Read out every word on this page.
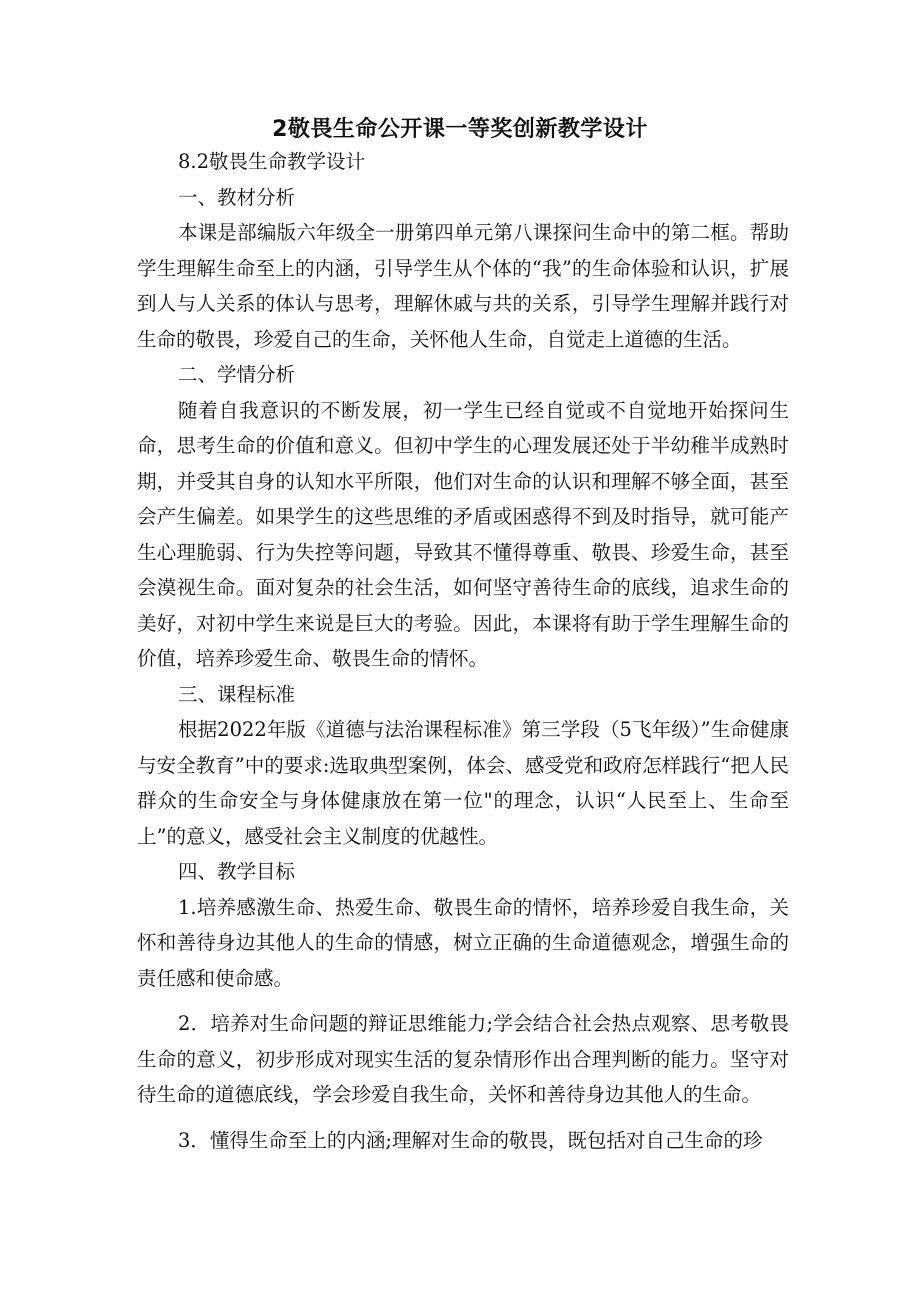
2敬畏生命公开课一等奖创新教学设计

8.2敬畏生命教学设计

一、教材分析

本课是部编版六年级全一册第四单元第八课探问生命中的第二框。帮助学生理解生命至上的内涵，引导学生从个体的“我”的生命体验和认识，扩展到人与人关系的体认与思考，理解休戚与共的关系，引导学生理解并践行对生命的敬畏，珍爱自己的生命，关怀他人生命，自觉走上道德的生活。

二、学情分析

随着自我意识的不断发展，初一学生已经自觉或不自觉地开始探问生命，思考生命的价值和意义。但初中学生的心理发展还处于半幼稚半成熟时期，并受其自身的认知水平所限，他们对生命的认识和理解不够全面，甚至会产生偏差。如果学生的这些思维的矛盾或困惑得不到及时指导，就可能产生心理脆弱、行为失控等问题，导致其不懂得尊重、敬畏、珍爱生命，甚至会漠视生命。面对复杂的社会生活，如何坚守善待生命的底线，追求生命的美好，对初中学生来说是巨大的考验。因此，本课将有助于学生理解生命的价值，培养珍爱生命、敬畏生命的情怀。

三、课程标准

根据2022年版《道德与法治课程标准》第三学段（5飞年级）”生命健康与安全教育”中的要求:选取典型案例，体会、感受党和政府怎样践行“把人民群众的生命安全与身体健康放在第一位"的理念，认识“人民至上、生命至上”的意义，感受社会主义制度的优越性。

四、教学目标

1.培养感激生命、热爱生命、敬畏生命的情怀，培养珍爱自我生命，关怀和善待身边其他人的生命的情感，树立正确的生命道德观念，增强生命的责任感和使命感。

2．培养对生命问题的辩证思维能力;学会结合社会热点观察、思考敬畏生命的意义，初步形成对现实生活的复杂情形作出合理判断的能力。坚守对待生命的道德底线，学会珍爱自我生命，关怀和善待身边其他人的生命。

3．懂得生命至上的内涵;理解对生命的敬畏，既包括对自己生命的珍
